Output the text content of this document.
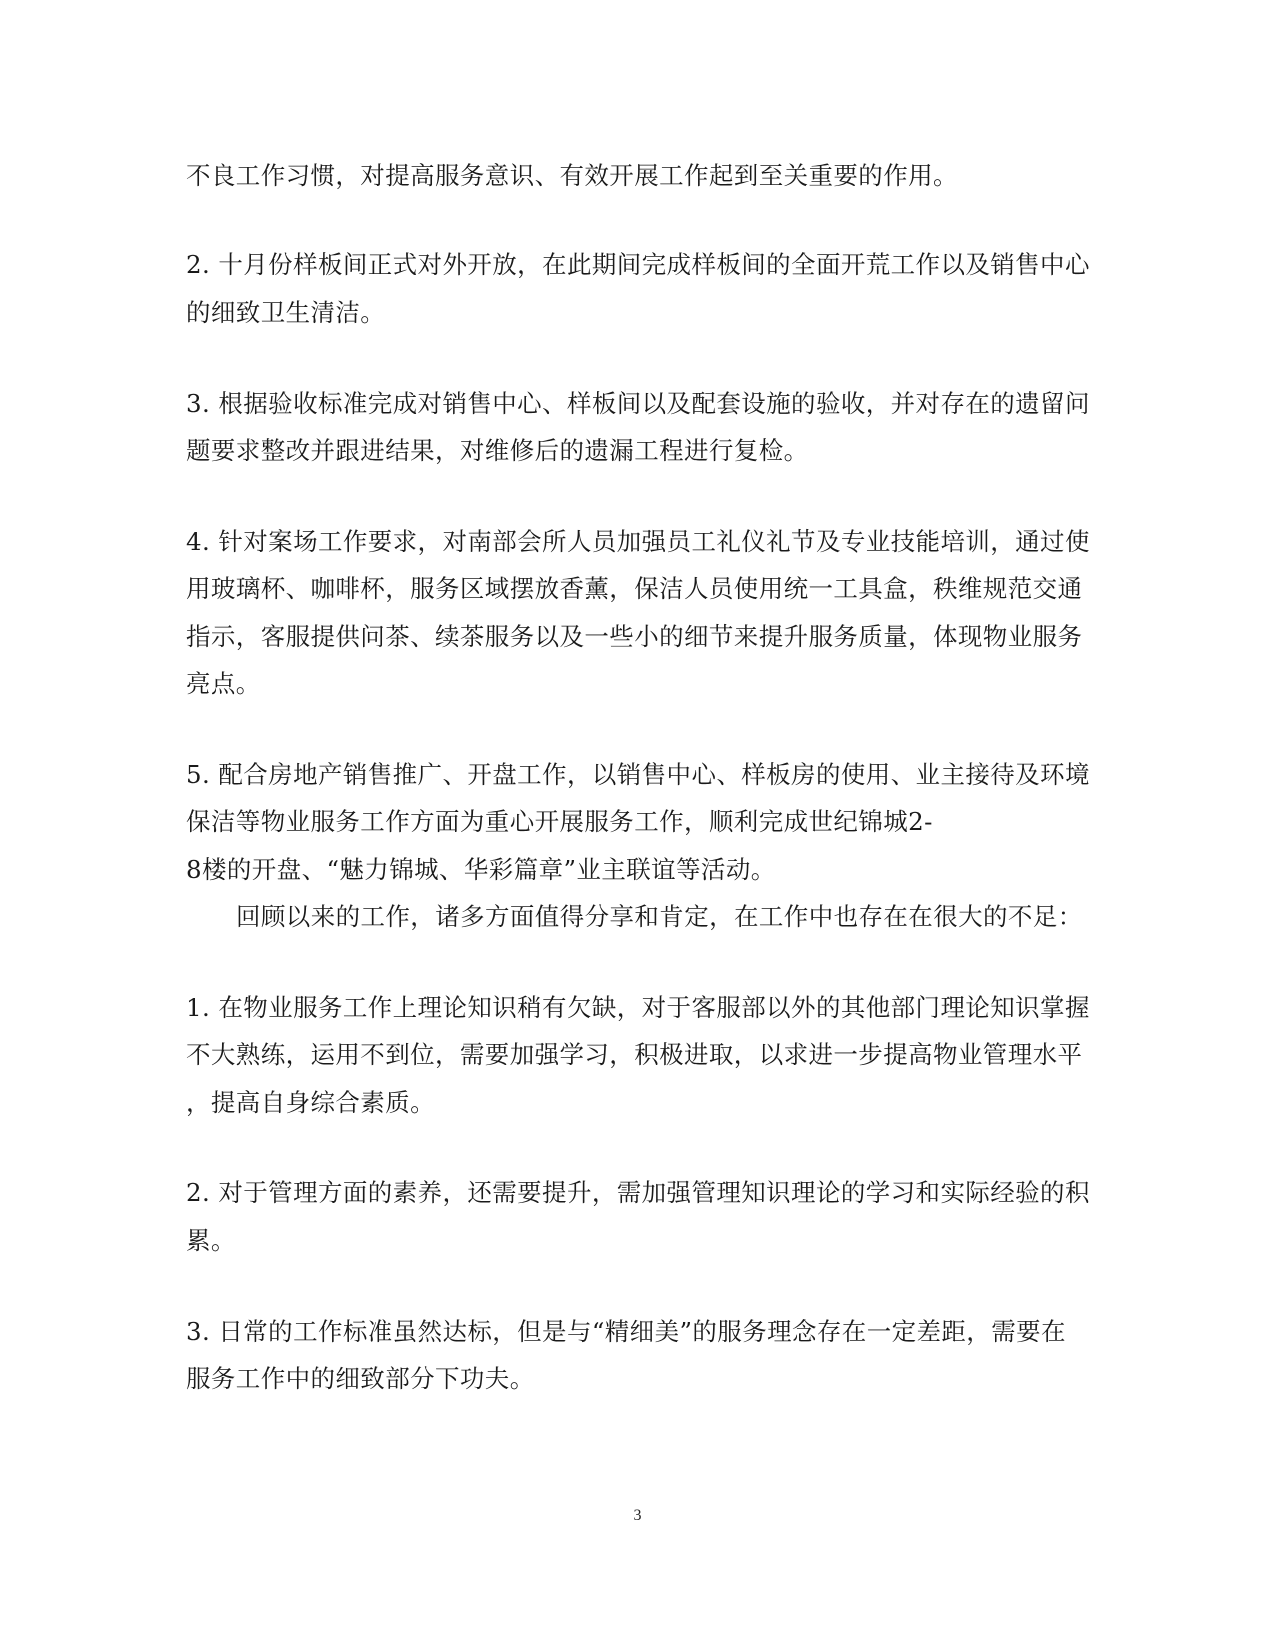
不良工作习惯，对提高服务意识、有效开展工作起到至关重要的作用。
2. 十月份样板间正式对外开放，在此期间完成样板间的全面开荒工作以及销售中心
的细致卫生清洁。
3. 根据验收标准完成对销售中心、样板间以及配套设施的验收，并对存在的遗留问
题要求整改并跟进结果，对维修后的遗漏工程进行复检。
4. 针对案场工作要求，对南部会所人员加强员工礼仪礼节及专业技能培训，通过使
用玻璃杯、咖啡杯，服务区域摆放香薰，保洁人员使用统一工具盒，秩维规范交通
指示，客服提供问茶、续茶服务以及一些小的细节来提升服务质量，体现物业服务
亮点。
5. 配合房地产销售推广、开盘工作，以销售中心、样板房的使用、业主接待及环境
保洁等物业服务工作方面为重心开展服务工作，顺利完成世纪锦城2-
8楼的开盘、“魅力锦城、华彩篇章”业主联谊等活动。
回顾以来的工作，诸多方面值得分享和肯定，在工作中也存在在很大的不足：
1. 在物业服务工作上理论知识稍有欠缺，对于客服部以外的其他部门理论知识掌握
不大熟练，运用不到位，需要加强学习，积极进取，以求进一步提高物业管理水平
，提高自身综合素质。
2. 对于管理方面的素养，还需要提升，需加强管理知识理论的学习和实际经验的积
累。
3. 日常的工作标准虽然达标，但是与“精细美”的服务理念存在一定差距，需要在
服务工作中的细致部分下功夫。
3
